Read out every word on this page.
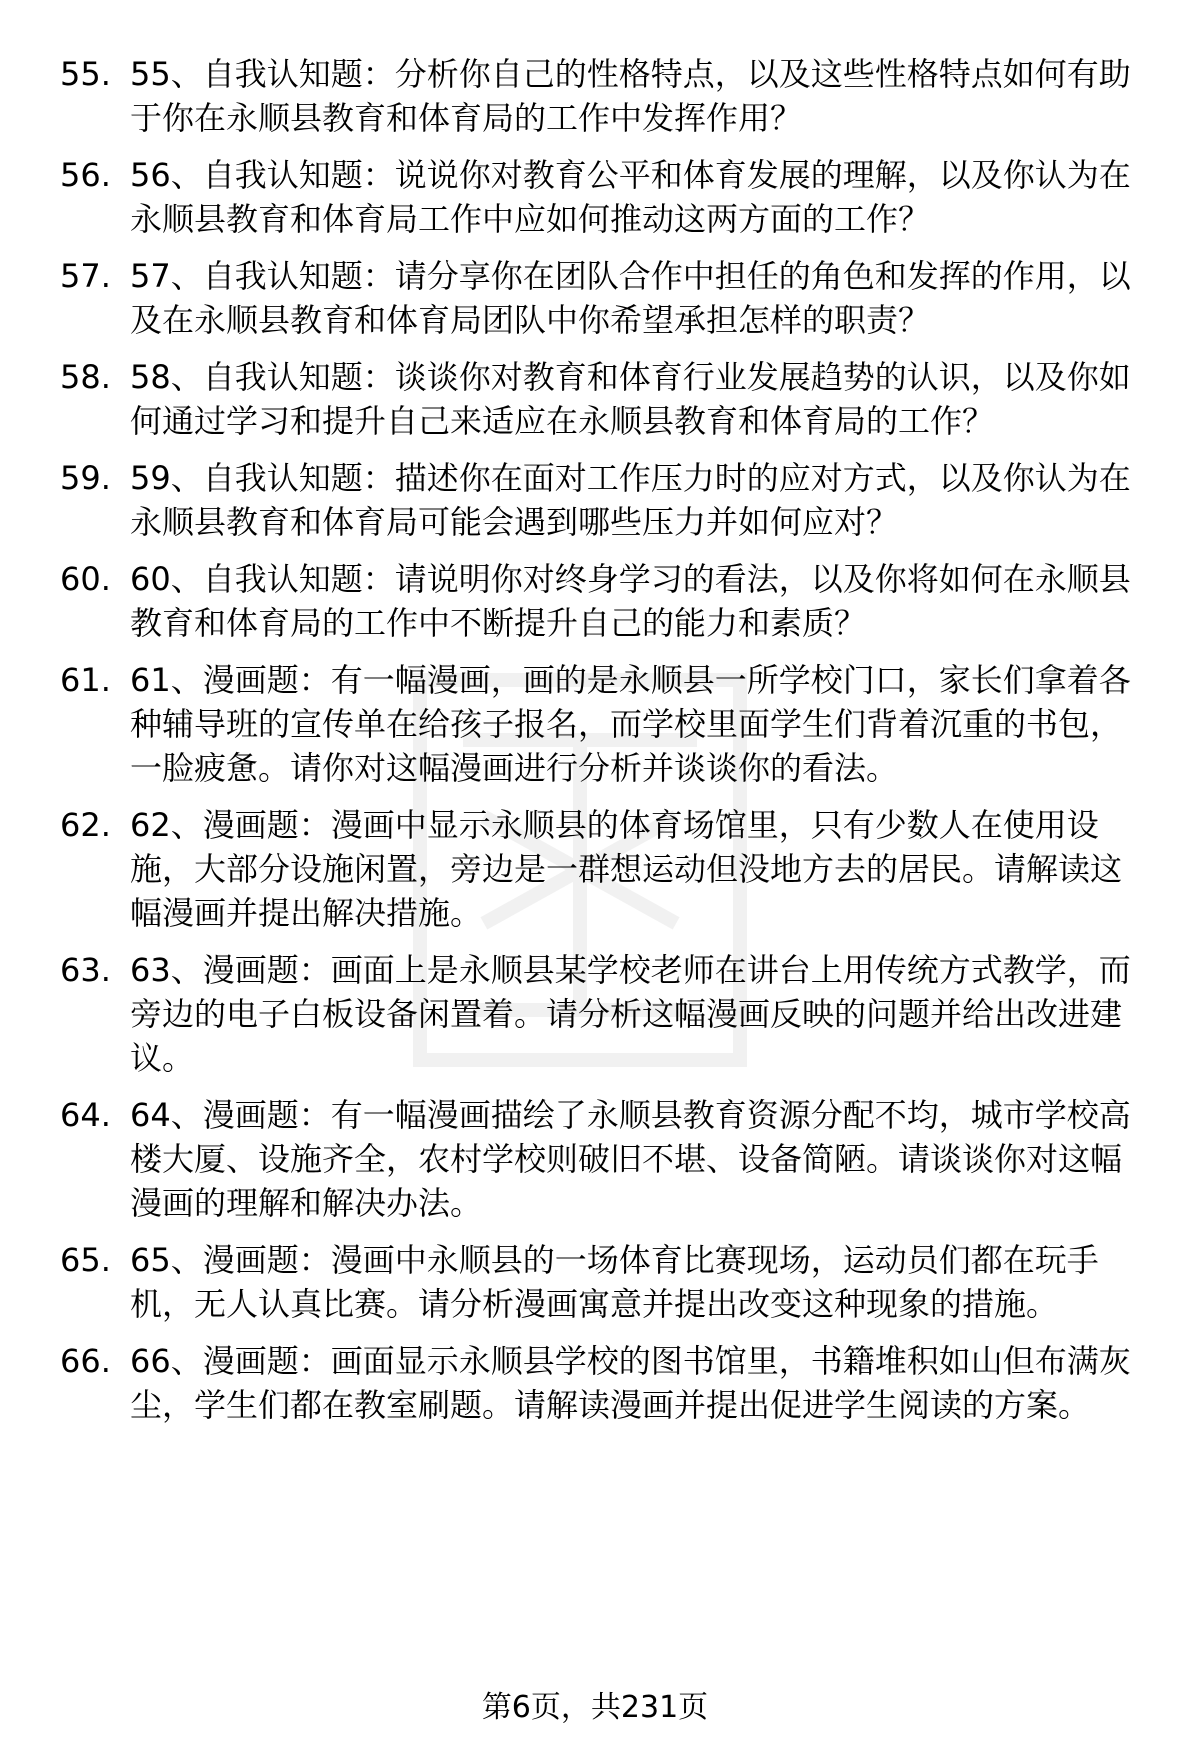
55. 55、自我认知题：分析你自己的性格特点，以及这些性格特点如何有助于你在永顺县教育和体育局的工作中发挥作用？
56. 56、自我认知题：说说你对教育公平和体育发展的理解，以及你认为在永顺县教育和体育局工作中应如何推动这两方面的工作？
57. 57、自我认知题：请分享你在团队合作中担任的角色和发挥的作用，以及在永顺县教育和体育局团队中你希望承担怎样的职责？
58. 58、自我认知题：谈谈你对教育和体育行业发展趋势的认识，以及你如何通过学习和提升自己来适应在永顺县教育和体育局的工作？
59. 59、自我认知题：描述你在面对工作压力时的应对方式，以及你认为在永顺县教育和体育局可能会遇到哪些压力并如何应对？
60. 60、自我认知题：请说明你对终身学习的看法，以及你将如何在永顺县教育和体育局的工作中不断提升自己的能力和素质？
61. 61、漫画题：有一幅漫画，画的是永顺县一所学校门口，家长们拿着各种辅导班的宣传单在给孩子报名，而学校里面学生们背着沉重的书包，一脸疲惫。请你对这幅漫画进行分析并谈谈你的看法。
62. 62、漫画题：漫画中显示永顺县的体育场馆里，只有少数人在使用设施，大部分设施闲置，旁边是一群想运动但没地方去的居民。请解读这幅漫画并提出解决措施。
63. 63、漫画题：画面上是永顺县某学校老师在讲台上用传统方式教学，而旁边的电子白板设备闲置着。请分析这幅漫画反映的问题并给出改进建议。
64. 64、漫画题：有一幅漫画描绘了永顺县教育资源分配不均，城市学校高楼大厦、设施齐全，农村学校则破旧不堪、设备简陋。请谈谈你对这幅漫画的理解和解决办法。
65. 65、漫画题：漫画中永顺县的一场体育比赛现场，运动员们都在玩手机，无人认真比赛。请分析漫画寓意并提出改变这种现象的措施。
66. 66、漫画题：画面显示永顺县学校的图书馆里，书籍堆积如山但布满灰尘，学生们都在教室刷题。请解读漫画并提出促进学生阅读的方案。
第6页，共231页
